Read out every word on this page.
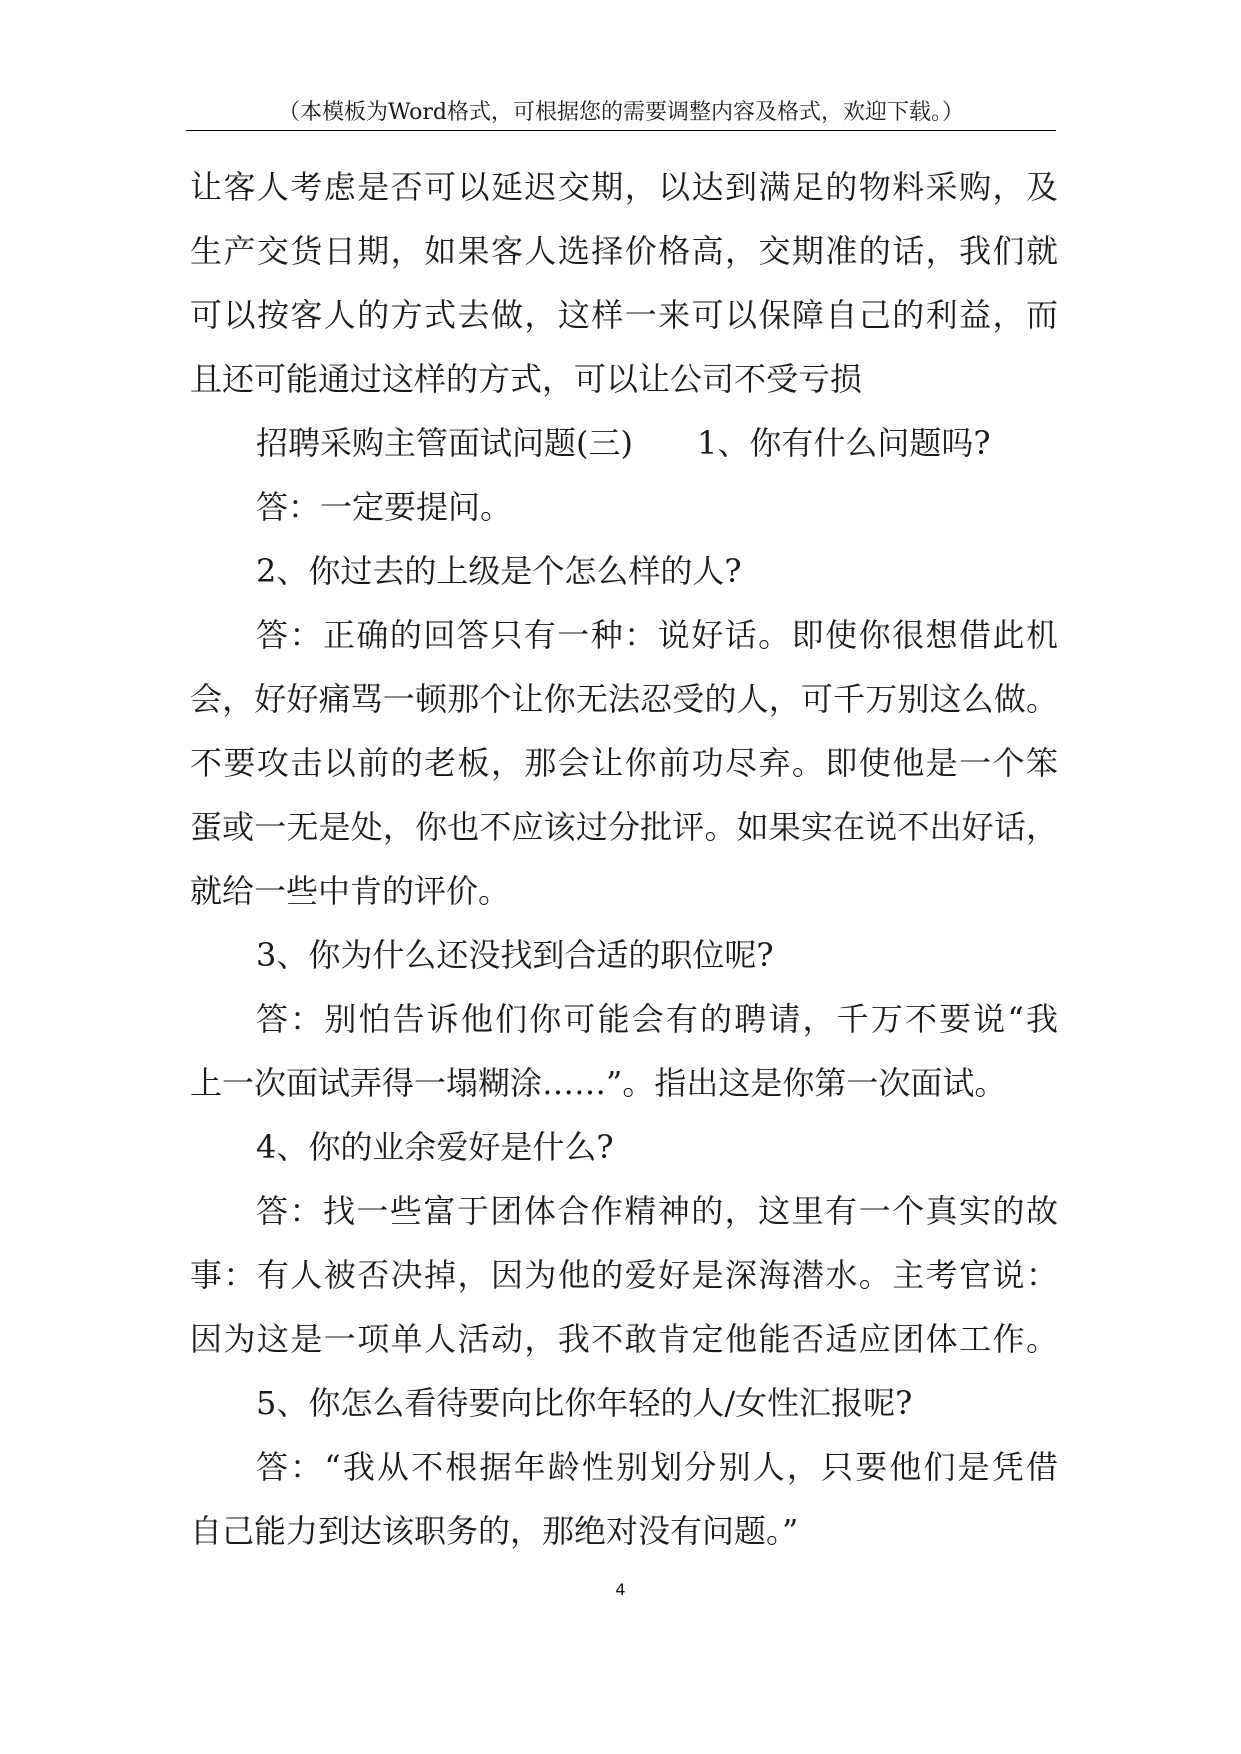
（本模板为Word格式，可根据您的需要调整内容及格式，欢迎下载。）
让客人考虑是否可以延迟交期，以达到满足的物料采购，及
生产交货日期，如果客人选择价格高，交期准的话，我们就
可以按客人的方式去做，这样一来可以保障自己的利益，而
且还可能通过这样的方式，可以让公司不受亏损
招聘采购主管面试问题(三) 1、你有什么问题吗?
答：一定要提问。
2、你过去的上级是个怎么样的人?
答：正确的回答只有一种：说好话。即使你很想借此机
会，好好痛骂一顿那个让你无法忍受的人，可千万别这么做。
不要攻击以前的老板，那会让你前功尽弃。即使他是一个笨
蛋或一无是处，你也不应该过分批评。如果实在说不出好话，
就给一些中肯的评价。
3、你为什么还没找到合适的职位呢?
答：别怕告诉他们你可能会有的聘请，千万不要说“我
上一次面试弄得一塌糊涂……”。指出这是你第一次面试。
4、你的业余爱好是什么?
答：找一些富于团体合作精神的，这里有一个真实的故
事：有人被否决掉，因为他的爱好是深海潜水。主考官说：
因为这是一项单人活动，我不敢肯定他能否适应团体工作。
5、你怎么看待要向比你年轻的人/女性汇报呢?
答：“我从不根据年龄性别划分别人，只要他们是凭借
自己能力到达该职务的，那绝对没有问题。”
4
